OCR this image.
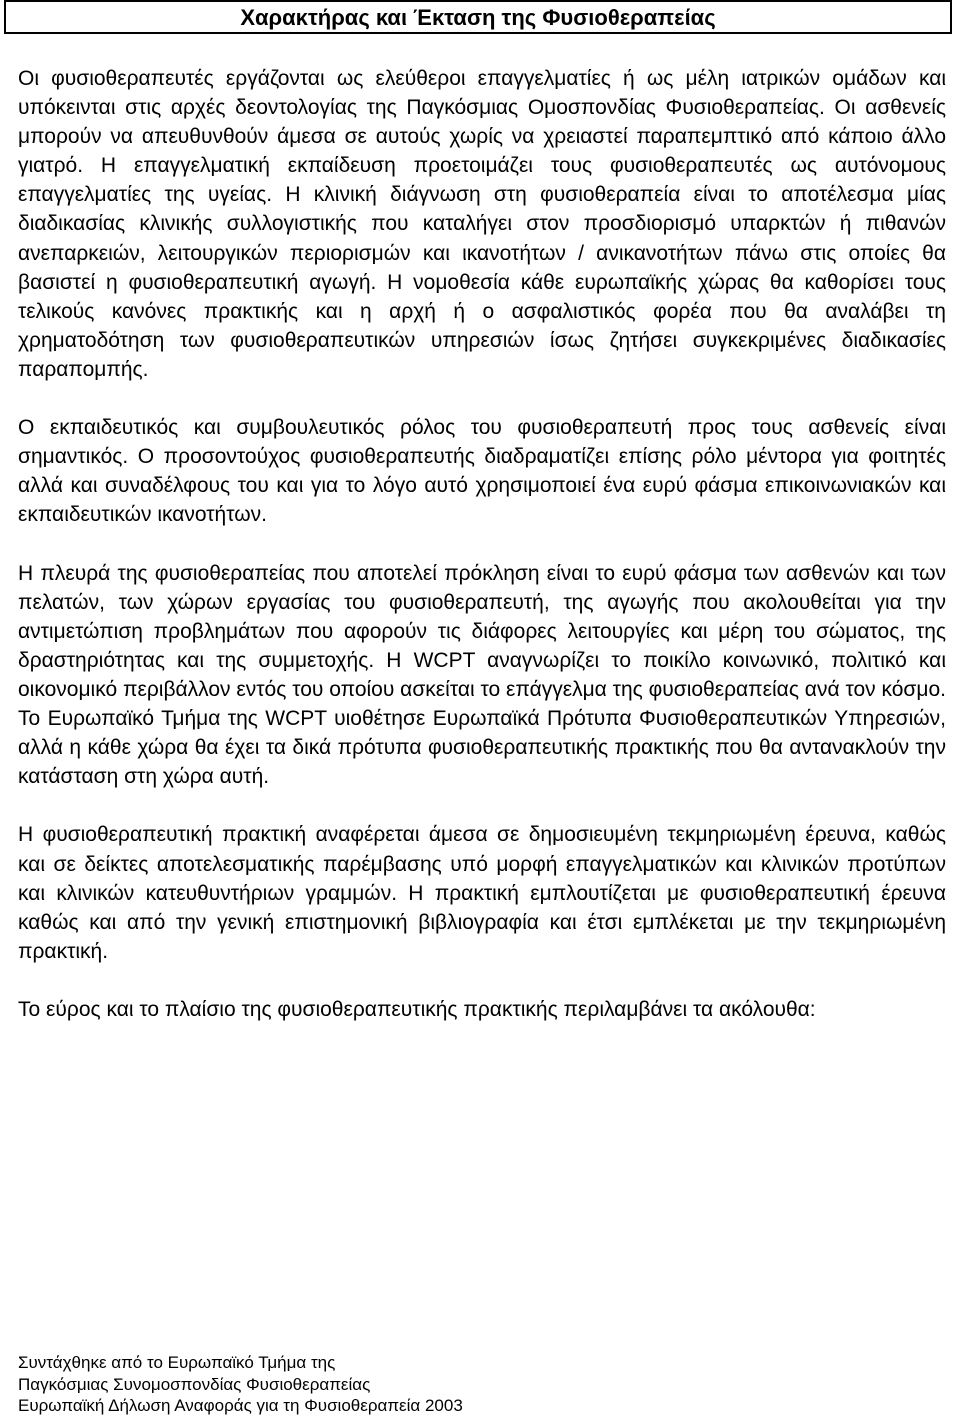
Χαρακτήρας και Έκταση της Φυσιοθεραπείας

Οι φυσιοθεραπευτές εργάζονται ως ελεύθεροι επαγγελματίες ή ως μέλη ιατρικών ομάδων και υπόκεινται στις αρχές δεοντολογίας της Παγκόσμιας Ομοσπονδίας Φυσιοθεραπείας. Οι ασθενείς μπορούν να απευθυνθούν άμεσα σε αυτούς χωρίς να χρειαστεί παραπεμπτικό από κάποιο άλλο γιατρό. Η επαγγελματική εκπαίδευση προετοιμάζει τους φυσιοθεραπευτές ως αυτόνομους επαγγελματίες της υγείας. Η κλινική διάγνωση στη φυσιοθεραπεία είναι το αποτέλεσμα μίας διαδικασίας κλινικής συλλογιστικής που καταλήγει στον προσδιορισμό υπαρκτών ή πιθανών ανεπαρκειών, λειτουργικών περιορισμών και ικανοτήτων / ανικανοτήτων πάνω στις οποίες θα βασιστεί η φυσιοθεραπευτική αγωγή. Η νομοθεσία κάθε ευρωπαϊκής χώρας θα καθορίσει τους τελικούς κανόνες πρακτικής και η αρχή ή ο ασφαλιστικός φορέα που θα αναλάβει τη χρηματοδότηση των φυσιοθεραπευτικών υπηρεσιών ίσως ζητήσει συγκεκριμένες διαδικασίες παραπομπής.

Ο εκπαιδευτικός και συμβουλευτικός ρόλος του φυσιοθεραπευτή προς τους ασθενείς είναι σημαντικός. Ο προσοντούχος φυσιοθεραπευτής διαδραματίζει επίσης ρόλο μέντορα για φοιτητές αλλά και συναδέλφους του και για το λόγο αυτό χρησιμοποιεί ένα ευρύ φάσμα επικοινωνιακών και εκπαιδευτικών ικανοτήτων.

Η πλευρά της φυσιοθεραπείας που αποτελεί πρόκληση είναι το ευρύ φάσμα των ασθενών και των πελατών, των χώρων εργασίας του φυσιοθεραπευτή, της αγωγής που ακολουθείται για την αντιμετώπιση προβλημάτων που αφορούν τις διάφορες λειτουργίες και μέρη του σώματος, της δραστηριότητας και της συμμετοχής. Η WCPT αναγνωρίζει το ποικίλο κοινωνικό, πολιτικό και οικονομικό περιβάλλον εντός του οποίου ασκείται το επάγγελμα της φυσιοθεραπείας ανά τον κόσμο. Το Ευρωπαϊκό Τμήμα της WCPT υιοθέτησε Ευρωπαϊκά Πρότυπα Φυσιοθεραπευτικών Υπηρεσιών, αλλά η κάθε χώρα θα έχει τα δικά πρότυπα φυσιοθεραπευτικής πρακτικής που θα αντανακλούν την κατάσταση στη χώρα αυτή.

Η φυσιοθεραπευτική πρακτική αναφέρεται άμεσα σε δημοσιευμένη τεκμηριωμένη έρευνα, καθώς και σε δείκτες αποτελεσματικής παρέμβασης υπό μορφή επαγγελματικών και κλινικών προτύπων και κλινικών κατευθυντήριων γραμμών. Η πρακτική εμπλουτίζεται με φυσιοθεραπευτική έρευνα καθώς και από την γενική επιστημονική βιβλιογραφία και έτσι εμπλέκεται με την τεκμηριωμένη πρακτική.

Το εύρος και το πλαίσιο της φυσιοθεραπευτικής πρακτικής περιλαμβάνει τα ακόλουθα:

Συντάχθηκε από το Ευρωπαϊκό Τμήμα της
Παγκόσμιας Συνομοσπονδίας Φυσιοθεραπείας
Ευρωπαϊκή Δήλωση Αναφοράς για τη Φυσιοθεραπεία 2003
